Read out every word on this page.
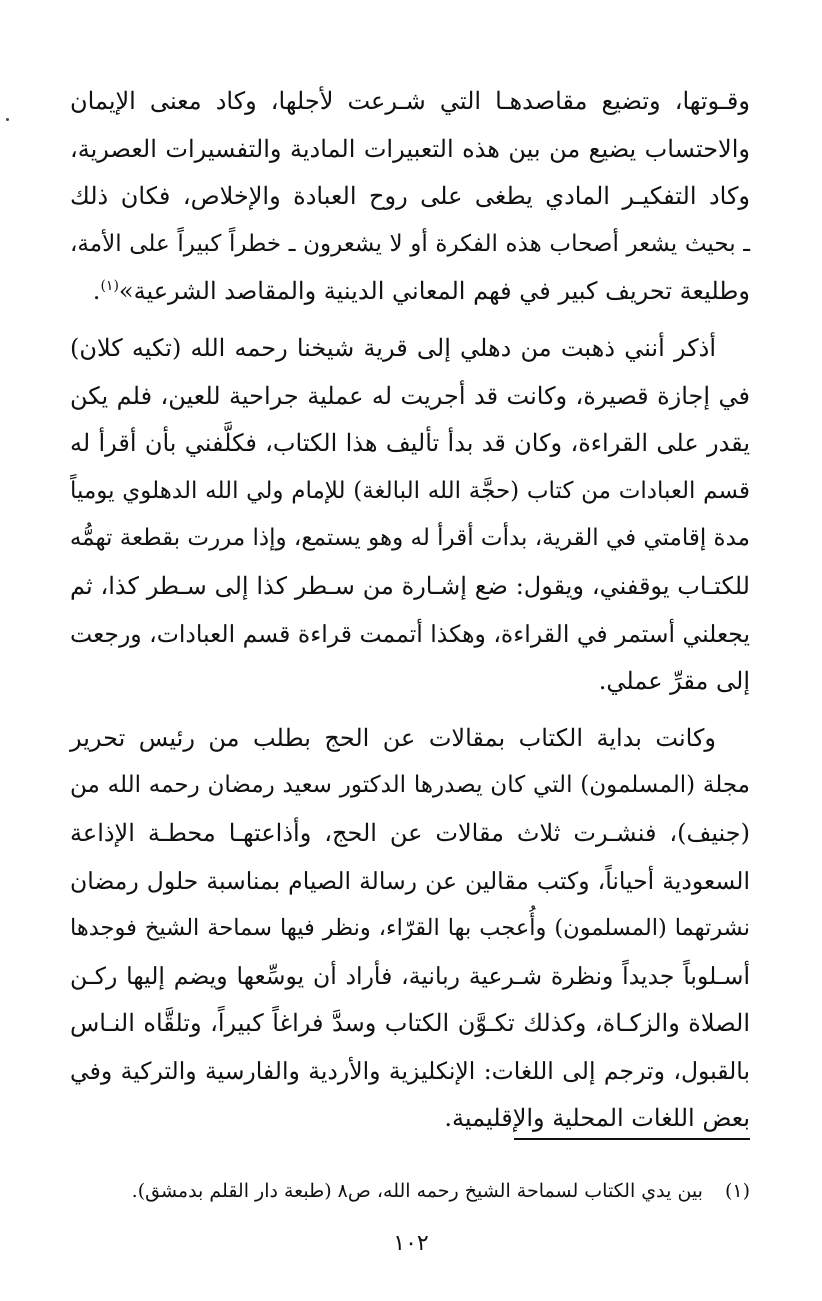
وقـوتها، وتضيع مقاصدهـا التي شـرعت لأجلها، وكاد معنى الإيمان
والاحتساب يضيع من بين هذه التعبيرات المادية والتفسيرات العصرية،
وكاد التفكيـر المادي يطغى على روح العبادة والإخلاص، فكان ذلك
ـ بحيث يشعر أصحاب هذه الفكرة أو لا يشعرون ـ خطراً كبيراً على الأمة،
وطليعة تحريف كبير في فهم المعاني الدينية والمقاصد الشرعية»$^{(١)}$.

أذكر أنني ذهبت من دهلي إلى قرية شيخنا رحمه الله (تكيه كلان)
في إجازة قصيرة، وكانت قد أجريت له عملية جراحية للعين، فلم يكن
يقدر على القراءة، وكان قد بدأ تأليف هذا الكتاب، فكلَّفني بأن أقرأ له
قسم العبادات من كتاب (حجَّة الله البالغة) للإمام ولي الله الدهلوي يومياً
مدة إقامتي في القرية، بدأت أقرأ له وهو يستمع، وإذا مررت بقطعة تهمُّه
للكتـاب يوقفني، ويقول: ضع إشـارة من سـطر كذا إلى سـطر كذا، ثم
يجعلني أستمر في القراءة، وهكذا أتممت قراءة قسم العبادات، ورجعت
إلى مقرِّ عملي.

وكانت بداية الكتاب بمقالات عن الحج بطلب من رئيس تحرير
مجلة (المسلمون) التي كان يصدرها الدكتور سعيد رمضان رحمه الله من
(جنيف)، فنشـرت ثلاث مقالات عن الحج، وأذاعتهـا محطـة الإذاعة
السعودية أحياناً، وكتب مقالين عن رسالة الصيام بمناسبة حلول رمضان
نشرتهما (المسلمون) وأُعجب بها القرّاء، ونظر فيها سماحة الشيخ فوجدها
أسـلوباً جديداً ونظرة شـرعية ربانية، فأراد أن يوسِّعها ويضم إليها ركـن
الصلاة والزكـاة، وكذلك تكـوَّن الكتاب وسدَّ فراغاً كبيراً، وتلقَّاه النـاس
بالقبول، وترجم إلى اللغات: الإنكليزية والأردية والفارسية والتركية وفي
بعض اللغات المحلية والإقليمية.

(١)بين يدي الكتاب لسماحة الشيخ رحمه الله، ص٨ (طبعة دار القلم بدمشق).
١٠٢
